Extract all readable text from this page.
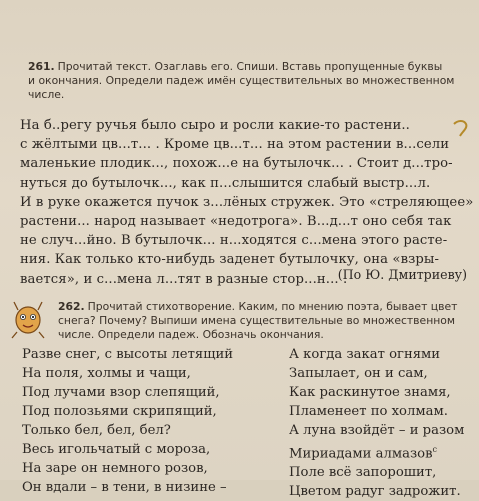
261. Прочитай текст. Озаглавь его. Спиши. Вставь пропущенные буквы
и окончания. Определи падеж имён существительных во множественном
числе.
На б..регу ручья было сыро и росли какие-то растени..
с жёлтыми цв...т... . Кроме цв...т... на этом растении в...сели
маленькие плодик..., похож...е на бутылочк... . Стоит д...тро-
нуться до бутылочк..., как п...слышится слабый выстр...л.
И в руке окажется пучок з...лёных стружек. Это «стреляющее»
растени... народ называет «недотрога». В...д...т оно себя так
не случ...йно. В бутылочк... н...ходятся с...мена этого расте-
ния. Как только кто-нибудь заденет бутылочку, она «взры-
вается», и с...мена л...тят в разные стор...н... .
(По Ю. Дмитриеву)
262. Прочитай стихотворение. Каким, по мнению поэта, бывает цвет
снега? Почему? Выпиши имена существительные во множественном
числе. Определи падеж. Обозначь окончания.
Разве снег, с высоты летящий
На поля, холмы и чащи,
Под лучами взор слепящий,
Под полозьями скрипящий,
Только бел, бел, бел?
Весь игольчатый с мороза,
На заре он немного розов,
Он вдали – в тени, в низине –
А когда закат огнями
Запылает, он и сам,
Как раскинутое знамя,
Пламенеет по холмам.
А луна взойдёт – и разом
Мириадами алмазов$^с$
Поле всё запорошит,
Цветом радуг задрожит.
